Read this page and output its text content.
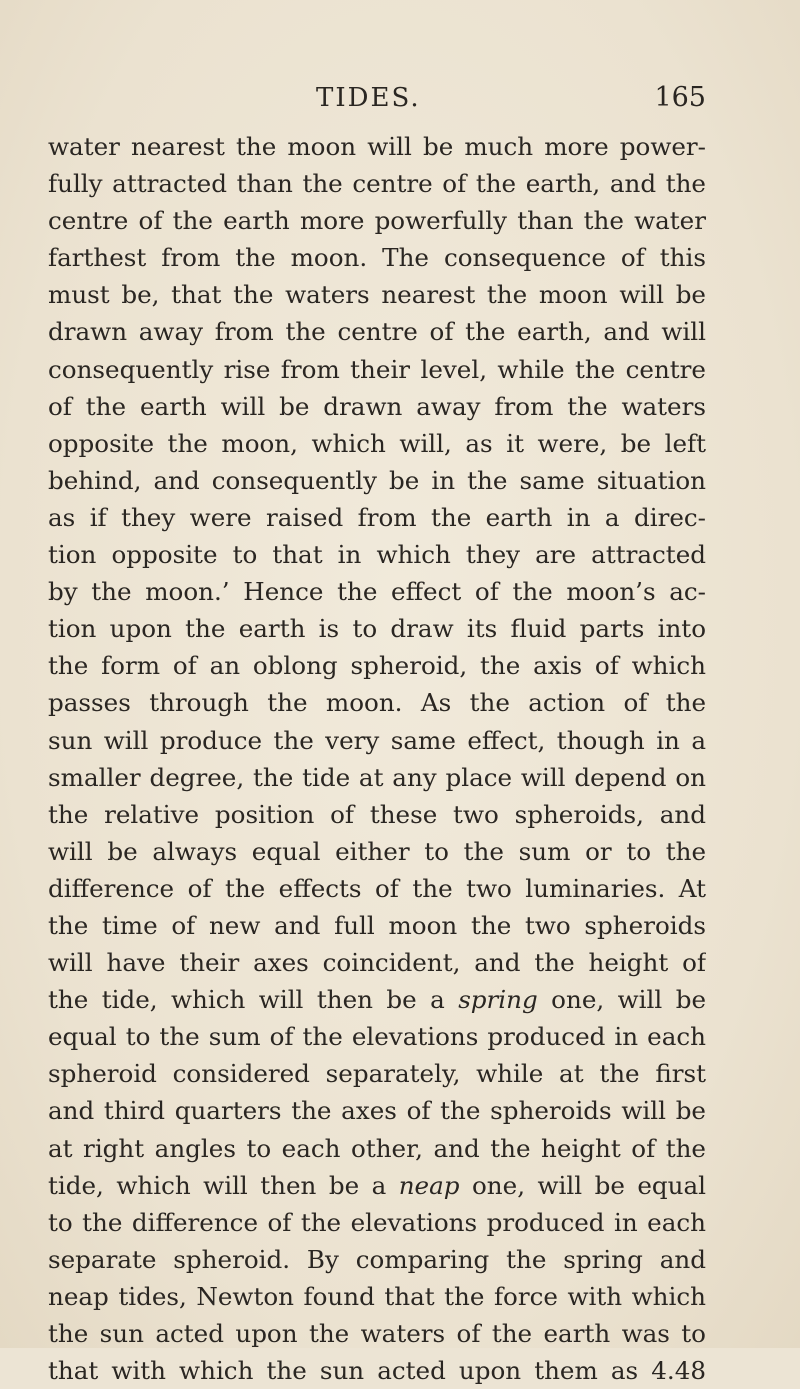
TIDES.	165
water nearest the moon will be much more power-
fully attracted than the centre of the earth, and the
centre of the earth more powerfully than the water
farthest from the moon. The consequence of this
must be, that the waters nearest the moon will be
drawn away from the centre of the earth, and will
consequently rise from their level, while the centre
of the earth will be drawn away from the waters
opposite the moon, which will, as it were, be left
behind, and consequently be in the same situation
as if they were raised from the earth in a direc-
tion opposite to that in which they are attracted
by the moon.’ Hence the effect of the moon’s ac-
tion upon the earth is to draw its fluid parts into
the form of an oblong spheroid, the axis of which
passes through the moon. As the action of the
sun will produce the very same effect, though in a
smaller degree, the tide at any place will depend on
the relative position of these two spheroids, and
will be always equal either to the sum or to the
difference of the effects of the two luminaries. At
the time of new and full moon the two spheroids
will have their axes coincident, and the height of
the tide, which will then be a spring one, will be
equal to the sum of the elevations produced in each
spheroid considered separately, while at the first
and third quarters the axes of the spheroids will be
at right angles to each other, and the height of the
tide, which will then be a neap one, will be equal
to the difference of the elevations produced in each
separate spheroid. By comparing the spring and
neap tides, Newton found that the force with which
the sun acted upon the waters of the earth was to
that with which the sun acted upon them as 4.48
